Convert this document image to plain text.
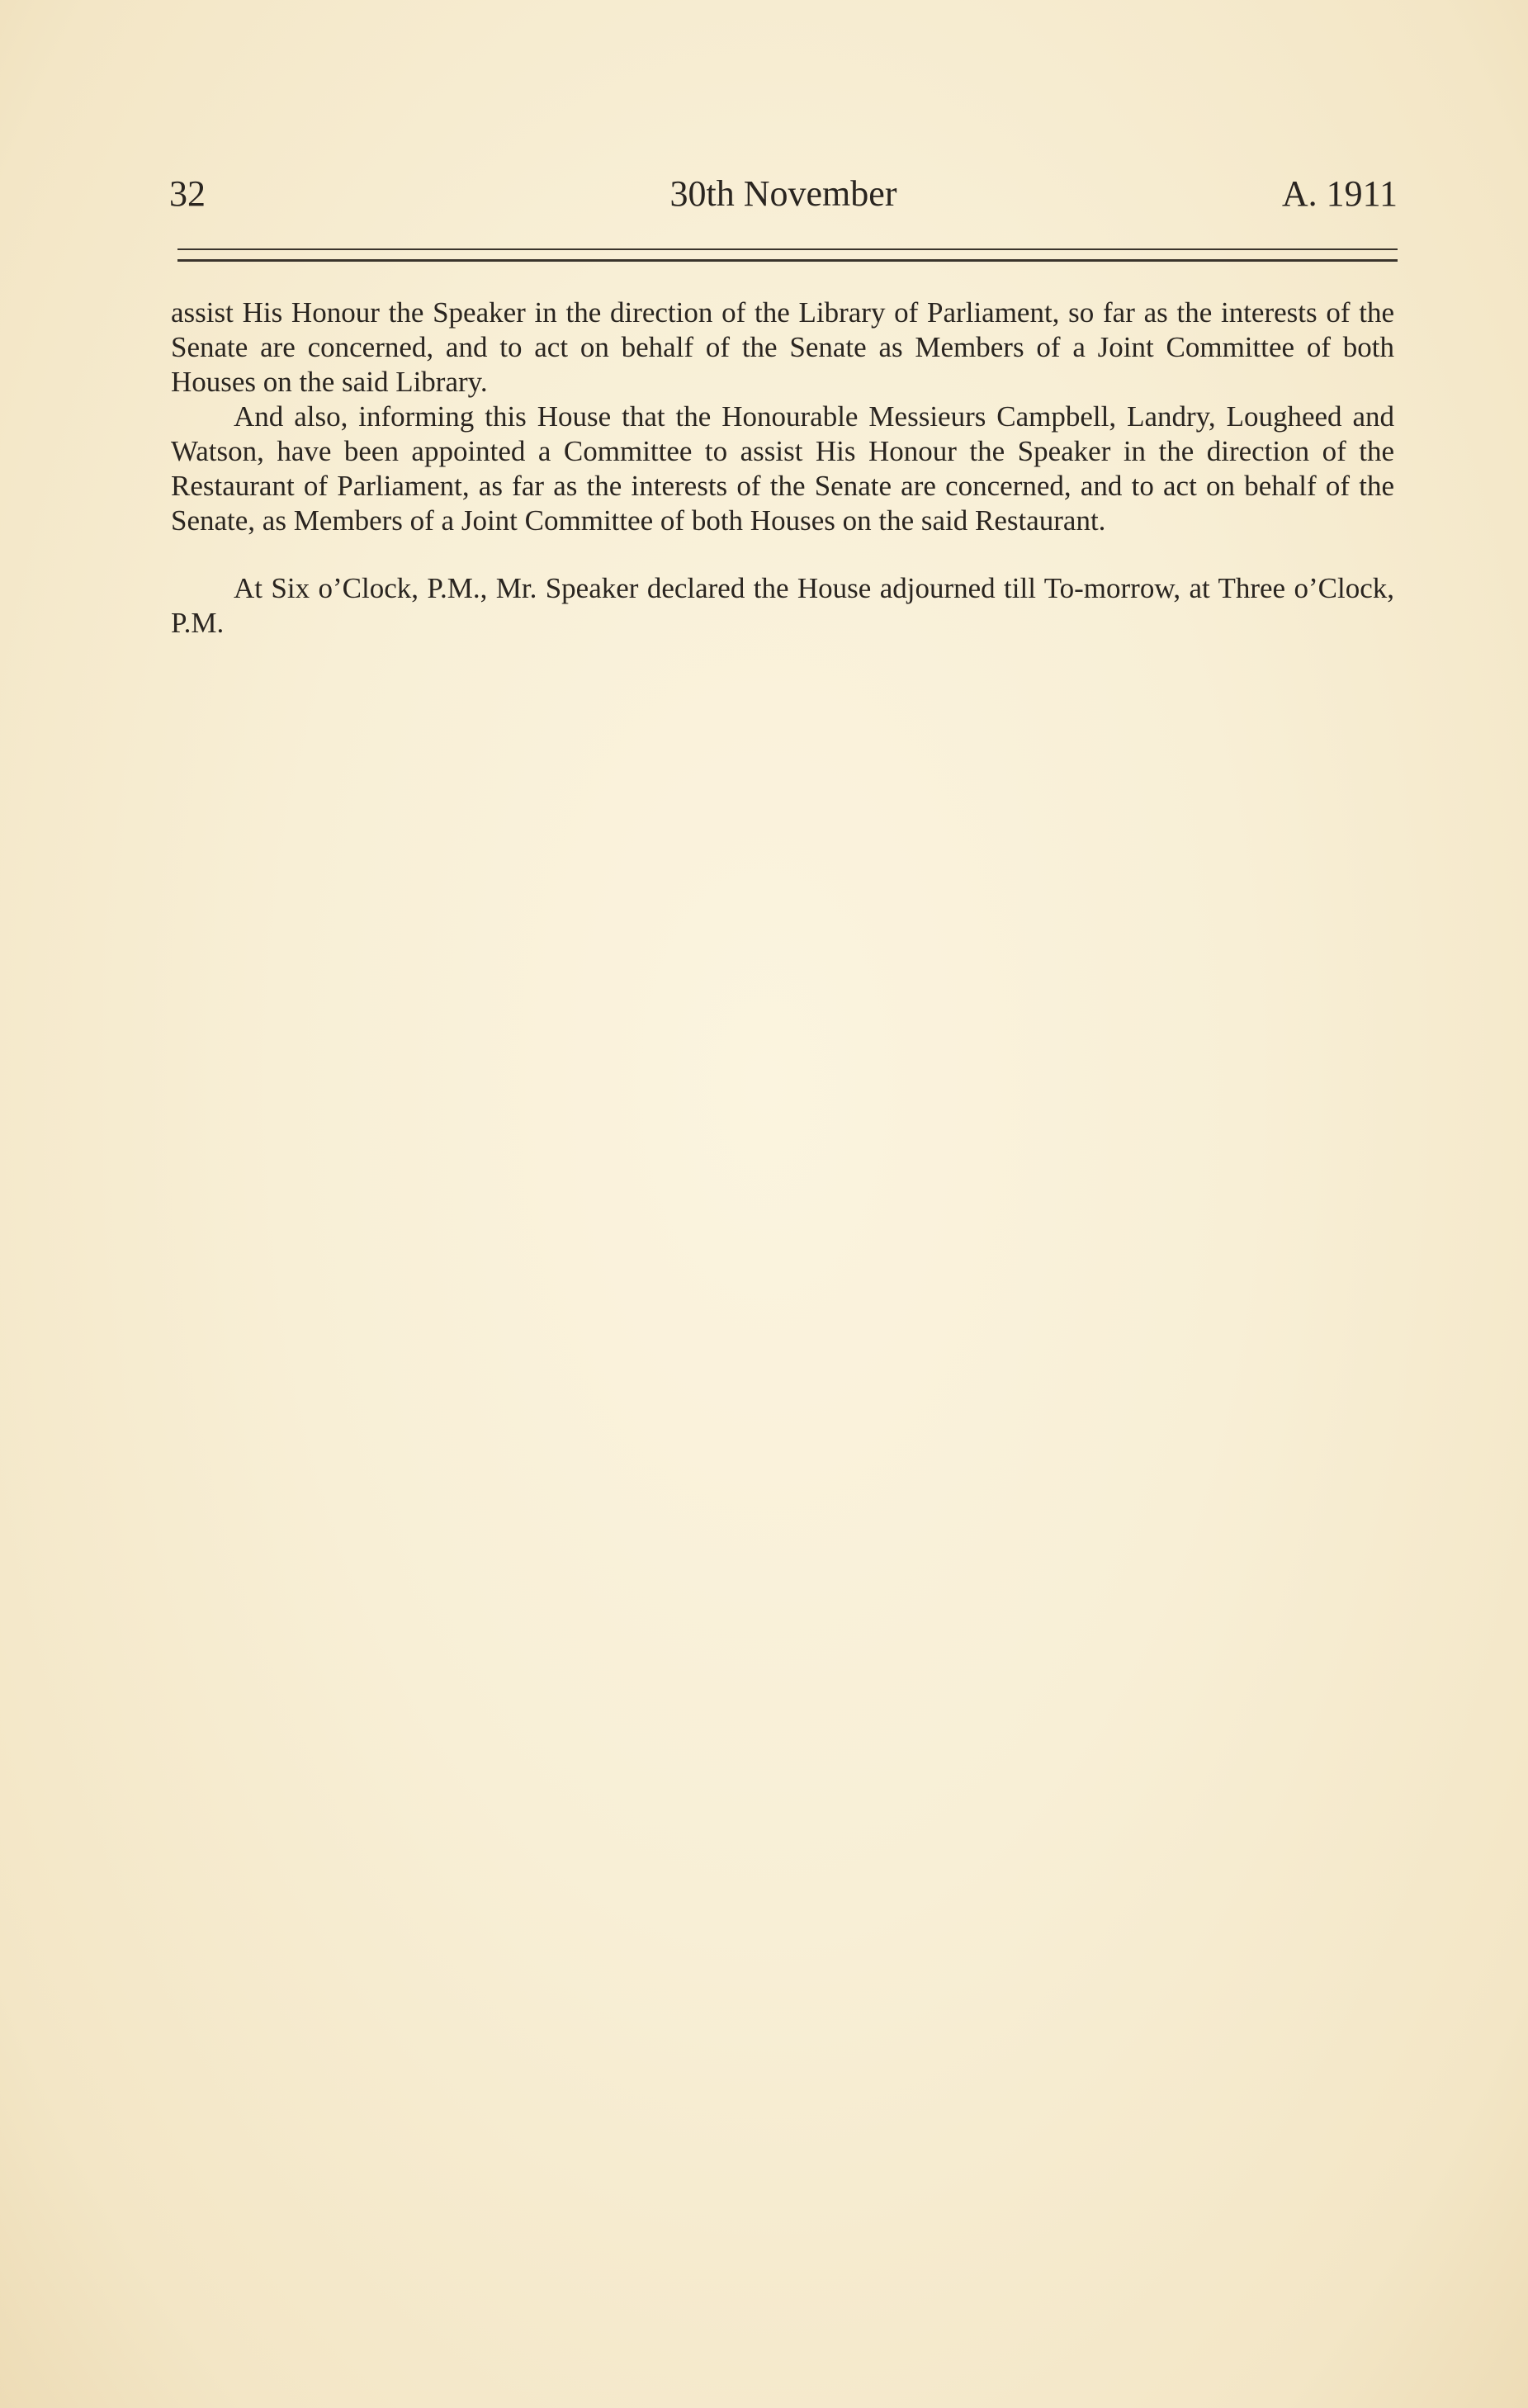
32	30th November	A. 1911

assist His Honour the Speaker in the direction of the Library of Parliament, so far as the interests of the Senate are concerned, and to act on behalf of the Senate as Members of a Joint Committee of both Houses on the said Library.

And also, informing this House that the Honourable Messieurs Campbell, Landry, Lougheed and Watson, have been appointed a Committee to assist His Honour the Speaker in the direction of the Restaurant of Parliament, as far as the interests of the Senate are concerned, and to act on behalf of the Senate, as Members of a Joint Committee of both Houses on the said Restaurant.

At Six o’Clock, P.M., Mr. Speaker declared the House adjourned till To-morrow, at Three o’Clock, P.M.
